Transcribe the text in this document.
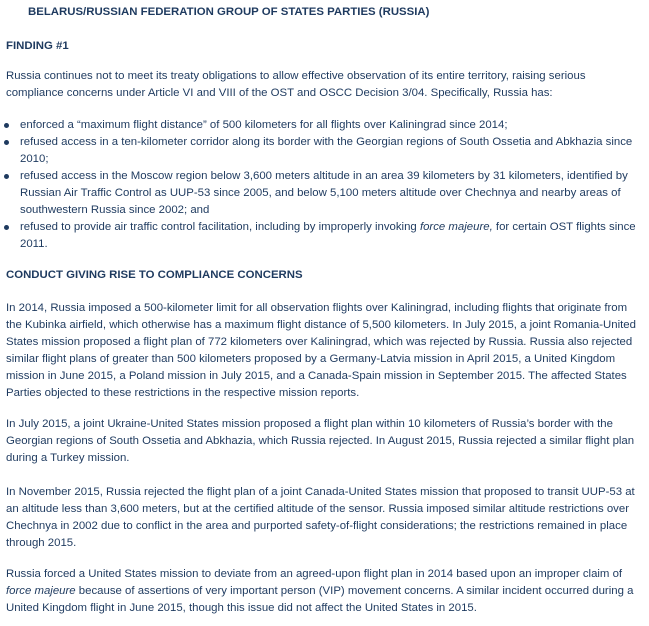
BELARUS/RUSSIAN FEDERATION GROUP OF STATES PARTIES (RUSSIA)
FINDING #1

Russia continues not to meet its treaty obligations to allow effective observation of its entire territory, raising serious compliance concerns under Article VI and VIII of the OST and OSCC Decision 3/04. Specifically, Russia has:

enforced a “maximum flight distance” of 500 kilometers for all flights over Kaliningrad since 2014;
refused access in a ten-kilometer corridor along its border with the Georgian regions of South Ossetia and Abkhazia since 2010;
refused access in the Moscow region below 3,600 meters altitude in an area 39 kilometers by 31 kilometers, identified by Russian Air Traffic Control as UUP-53 since 2005, and below 5,100 meters altitude over Chechnya and nearby areas of southwestern Russia since 2002; and
refused to provide air traffic control facilitation, including by improperly invoking force majeure, for certain OST flights since 2011.
CONDUCT GIVING RISE TO COMPLIANCE CONCERNS

In 2014, Russia imposed a 500-kilometer limit for all observation flights over Kaliningrad, including flights that originate from the Kubinka airfield, which otherwise has a maximum flight distance of 5,500 kilometers. In July 2015, a joint Romania-United States mission proposed a flight plan of 772 kilometers over Kaliningrad, which was rejected by Russia. Russia also rejected similar flight plans of greater than 500 kilometers proposed by a Germany-Latvia mission in April 2015, a United Kingdom mission in June 2015, a Poland mission in July 2015, and a Canada-Spain mission in September 2015. The affected States Parties objected to these restrictions in the respective mission reports.

In July 2015, a joint Ukraine-United States mission proposed a flight plan within 10 kilometers of Russia’s border with the Georgian regions of South Ossetia and Abkhazia, which Russia rejected. In August 2015, Russia rejected a similar flight plan during a Turkey mission.

In November 2015, Russia rejected the flight plan of a joint Canada-United States mission that proposed to transit UUP-53 at an altitude less than 3,600 meters, but at the certified altitude of the sensor. Russia imposed similar altitude restrictions over Chechnya in 2002 due to conflict in the area and purported safety-of-flight considerations; the restrictions remained in place through 2015.

Russia forced a United States mission to deviate from an agreed-upon flight plan in 2014 based upon an improper claim of force majeure because of assertions of very important person (VIP) movement concerns. A similar incident occurred during a United Kingdom flight in June 2015, though this issue did not affect the United States in 2015.
